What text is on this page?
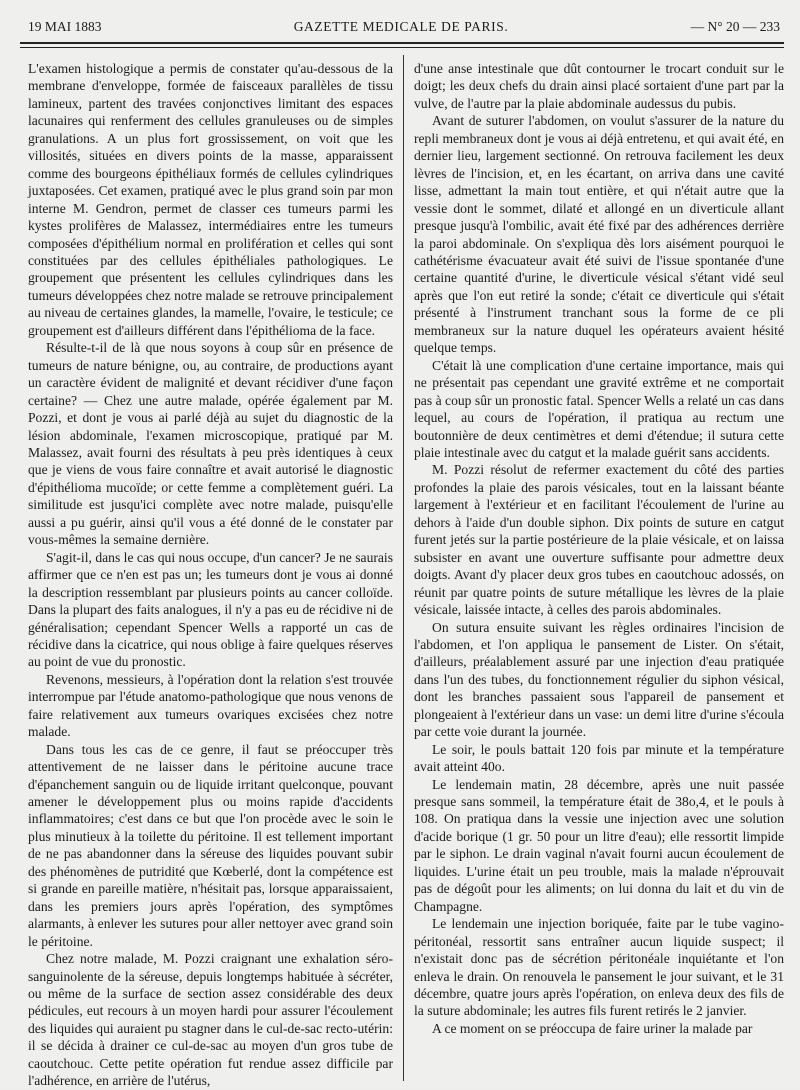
19 MAI 1883	GAZETTE MEDICALE DE PARIS.	— N° 20 — 233

L'examen histologique a permis de constater qu'au-dessous de la membrane d'enveloppe, formée de faisceaux parallèles de tissu lamineux, partent des travées conjonctives limitant des espaces lacunaires qui renferment des cellules granuleuses ou de simples granulations. A un plus fort grossissement, on voit que les villosités, situées en divers points de la masse, apparaissent comme des bourgeons épithéliaux formés de cellules cylindriques juxtaposées. Cet examen, pratiqué avec le plus grand soin par mon interne M. Gendron, permet de classer ces tumeurs parmi les kystes prolifères de Malassez, intermédiaires entre les tumeurs composées d'épithélium normal en prolifération et celles qui sont constituées par des cellules épithéliales pathologiques. Le groupement que présentent les cellules cylindriques dans les tumeurs développées chez notre malade se retrouve principalement au niveau de certaines glandes, la mamelle, l'ovaire, le testicule; ce groupement est d'ailleurs différent dans l'épithélioma de la face.

Résulte-t-il de là que nous soyons à coup sûr en présence de tumeurs de nature bénigne, ou, au contraire, de productions ayant un caractère évident de malignité et devant récidiver d'une façon certaine? — Chez une autre malade, opérée également par M. Pozzi, et dont je vous ai parlé déjà au sujet du diagnostic de la lésion abdominale, l'examen microscopique, pratiqué par M. Malassez, avait fourni des résultats à peu près identiques à ceux que je viens de vous faire connaître et avait autorisé le diagnostic d'épithélioma mucoïde; or cette femme a complètement guéri. La similitude est jusqu'ici complète avec notre malade, puisqu'elle aussi a pu guérir, ainsi qu'il vous a été donné de le constater par vous-mêmes la semaine dernière.

S'agit-il, dans le cas qui nous occupe, d'un cancer? Je ne saurais affirmer que ce n'en est pas un; les tumeurs dont je vous ai donné la description ressemblant par plusieurs points au cancer colloïde. Dans la plupart des faits analogues, il n'y a pas eu de récidive ni de généralisation; cependant Spencer Wells a rapporté un cas de récidive dans la cicatrice, qui nous oblige à faire quelques réserves au point de vue du pronostic.

Revenons, messieurs, à l'opération dont la relation s'est trouvée interrompue par l'étude anatomo-pathologique que nous venons de faire relativement aux tumeurs ovariques excisées chez notre malade.

Dans tous les cas de ce genre, il faut se préoccuper très attentivement de ne laisser dans le péritoine aucune trace d'épanchement sanguin ou de liquide irritant quelconque, pouvant amener le développement plus ou moins rapide d'accidents inflammatoires; c'est dans ce but que l'on procède avec le soin le plus minutieux à la toilette du péritoine. Il est tellement important de ne pas abandonner dans la séreuse des liquides pouvant subir des phénomènes de putridité que Kœberlé, dont la compétence est si grande en pareille matière, n'hésitait pas, lorsque apparaissaient, dans les premiers jours après l'opération, des symptômes alarmants, à enlever les sutures pour aller nettoyer avec grand soin le péritoine.

Chez notre malade, M. Pozzi craignant une exhalation séro-sanguinolente de la séreuse, depuis longtemps habituée à sécréter, ou même de la surface de section assez considérable des deux pédicules, eut recours à un moyen hardi pour assurer l'écoulement des liquides qui auraient pu stagner dans le cul-de-sac recto-utérin: il se décida à drainer ce cul-de-sac au moyen d'un gros tube de caoutchouc. Cette petite opération fut rendue assez difficile par l'adhérence, en arrière de l'utérus,

d'une anse intestinale que dût contourner le trocart conduit sur le doigt; les deux chefs du drain ainsi placé sortaient d'une part par la vulve, de l'autre par la plaie abdominale audessus du pubis.

Avant de suturer l'abdomen, on voulut s'assurer de la nature du repli membraneux dont je vous ai déjà entretenu, et qui avait été, en dernier lieu, largement sectionné. On retrouva facilement les deux lèvres de l'incision, et, en les écartant, on arriva dans une cavité lisse, admettant la main tout entière, et qui n'était autre que la vessie dont le sommet, dilaté et allongé en un diverticule allant presque jusqu'à l'ombilic, avait été fixé par des adhérences derrière la paroi abdominale. On s'expliqua dès lors aisément pourquoi le cathétérisme évacuateur avait été suivi de l'issue spontanée d'une certaine quantité d'urine, le diverticule vésical s'étant vidé seul après que l'on eut retiré la sonde; c'était ce diverticule qui s'était présenté à l'instrument tranchant sous la forme de ce pli membraneux sur la nature duquel les opérateurs avaient hésité quelque temps.

C'était là une complication d'une certaine importance, mais qui ne présentait pas cependant une gravité extrême et ne comportait pas à coup sûr un pronostic fatal. Spencer Wells a relaté un cas dans lequel, au cours de l'opération, il pratiqua au rectum une boutonnière de deux centimètres et demi d'étendue; il sutura cette plaie intestinale avec du catgut et la malade guérit sans accidents.

M. Pozzi résolut de refermer exactement du côté des parties profondes la plaie des parois vésicales, tout en la laissant béante largement à l'extérieur et en facilitant l'écoulement de l'urine au dehors à l'aide d'un double siphon. Dix points de suture en catgut furent jetés sur la partie postérieure de la plaie vésicale, et on laissa subsister en avant une ouverture suffisante pour admettre deux doigts. Avant d'y placer deux gros tubes en caoutchouc adossés, on réunit par quatre points de suture métallique les lèvres de la plaie vésicale, laissée intacte, à celles des parois abdominales.

On sutura ensuite suivant les règles ordinaires l'incision de l'abdomen, et l'on appliqua le pansement de Lister. On s'était, d'ailleurs, préalablement assuré par une injection d'eau pratiquée dans l'un des tubes, du fonctionnement régulier du siphon vésical, dont les branches passaient sous l'appareil de pansement et plongeaient à l'extérieur dans un vase: un demi litre d'urine s'écoula par cette voie durant la journée.

Le soir, le pouls battait 120 fois par minute et la température avait atteint 40o.

Le lendemain matin, 28 décembre, après une nuit passée presque sans sommeil, la température était de 38o,4, et le pouls à 108. On pratiqua dans la vessie une injection avec une solution d'acide borique (1 gr. 50 pour un litre d'eau); elle ressortit limpide par le siphon. Le drain vaginal n'avait fourni aucun écoulement de liquides. L'urine était un peu trouble, mais la malade n'éprouvait pas de dégoût pour les aliments; on lui donna du lait et du vin de Champagne.

Le lendemain une injection boriquée, faite par le tube vagino-péritonéal, ressortit sans entraîner aucun liquide suspect; il n'existait donc pas de sécrétion péritonéale inquiétante et l'on enleva le drain. On renouvela le pansement le jour suivant, et le 31 décembre, quatre jours après l'opération, on enleva deux des fils de la suture abdominale; les autres fils furent retirés le 2 janvier.

A ce moment on se préoccupa de faire uriner la malade par
